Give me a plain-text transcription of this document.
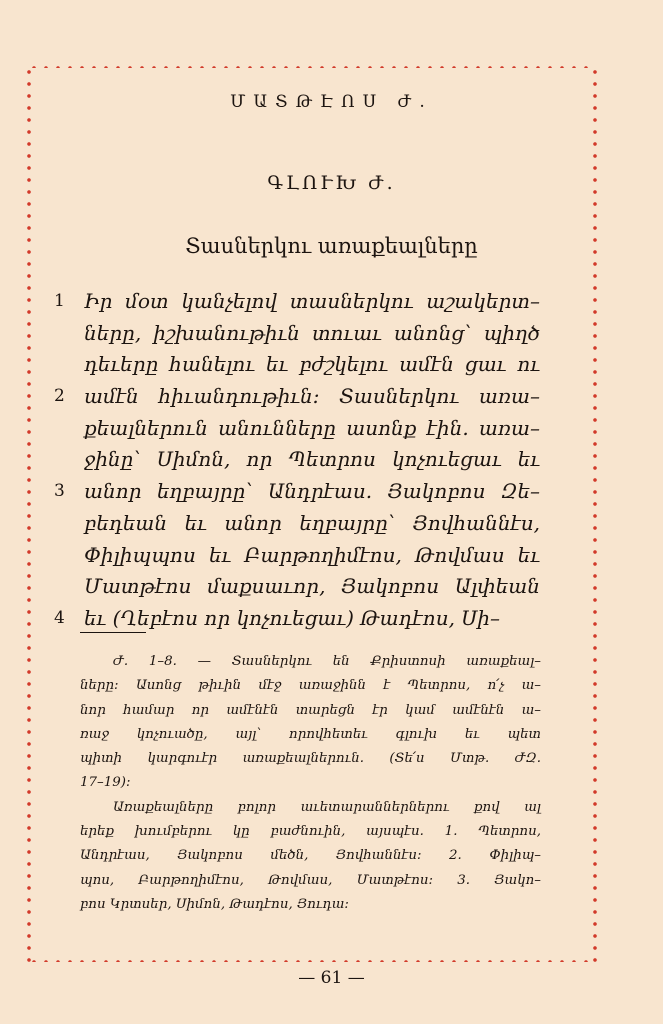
ՄԱՏԹԷՈՍ Ժ.
ԳԼՈՒԽ Ժ.
Տասներկու առաքեալները
1 Իր մօտ կանչելով տասներկու աշակերտ–
ները, իշխանութիւն տուաւ անոնց՝ պիղծ
դեւերը հանելու եւ բժշկելու ամէն ցաւ ու
2 ամէն հիւանդութիւն։ Տասներկու առա–
քեալներուն անունները ասոնք էին. առա–
ջինը՝ Սիմոն, որ Պետրոս կոչուեցաւ եւ
3 անոր եղբայրը՝ Անդրէաս. Յակոբոս Զե–
բեդեան եւ անոր եղբայրը՝ Յովհաննէս,
Փիլիպպոս եւ Բարթողիմէոս, Թովմաս եւ
Մատթէոս մաքսաւոր, Յակոբոս Ալփեան
4 եւ (Ղեբէոս որ կոչուեցաւ) Թադէոս, Սի–
Ժ. 1–8. — Տասներկու են Քրիստոսի առաքեալ–
ները։ Ասոնց թիւին մէջ առաջինն է Պետրոս, ո՛չ ա–
նոր համար որ ամէնէն տարեցն էր կամ ամէնէն ա–
ռաջ կոչուածը, այլ՝ որովհետեւ գլուխ եւ պետ
պիտի կարգուէր առաքեալներուն. (Տե՛ս Մտթ. ԺԶ.
17–19)։
Առաքեալները բոլոր աւետարաններներու քով ալ
երեք խումբերու կը բաժնուին, այսպէս. 1. Պետրոս,
Անդրէաս, Յակոբոս մեծն, Յովհաննէս։ 2. Փիլիպ–
պոս, Բարթողիմէոս, Թովմաս, Մատթէոս։ 3. Յակո–
բոս Կրտսեր, Սիմոն, Թադէոս, Յուդա։
— 61 —
